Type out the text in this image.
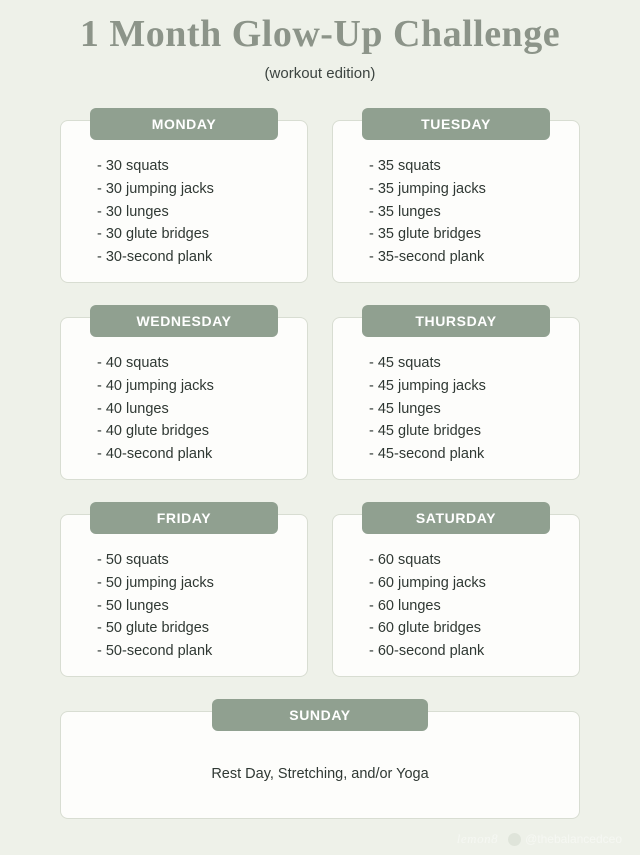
1 Month Glow-Up Challenge
(workout edition)
MONDAY
- 30 squats
- 30 jumping jacks
- 30 lunges
- 30 glute bridges
- 30-second plank
TUESDAY
- 35 squats
- 35 jumping jacks
- 35 lunges
- 35 glute bridges
- 35-second plank
WEDNESDAY
- 40 squats
- 40 jumping jacks
- 40 lunges
- 40 glute bridges
- 40-second plank
THURSDAY
- 45 squats
- 45 jumping jacks
- 45 lunges
- 45 glute bridges
- 45-second plank
FRIDAY
- 50 squats
- 50 jumping jacks
- 50 lunges
- 50 glute bridges
- 50-second plank
SATURDAY
- 60 squats
- 60 jumping jacks
- 60 lunges
- 60 glute bridges
- 60-second plank
SUNDAY
Rest Day, Stretching, and/or Yoga
lemon8 @thebalancedceo
